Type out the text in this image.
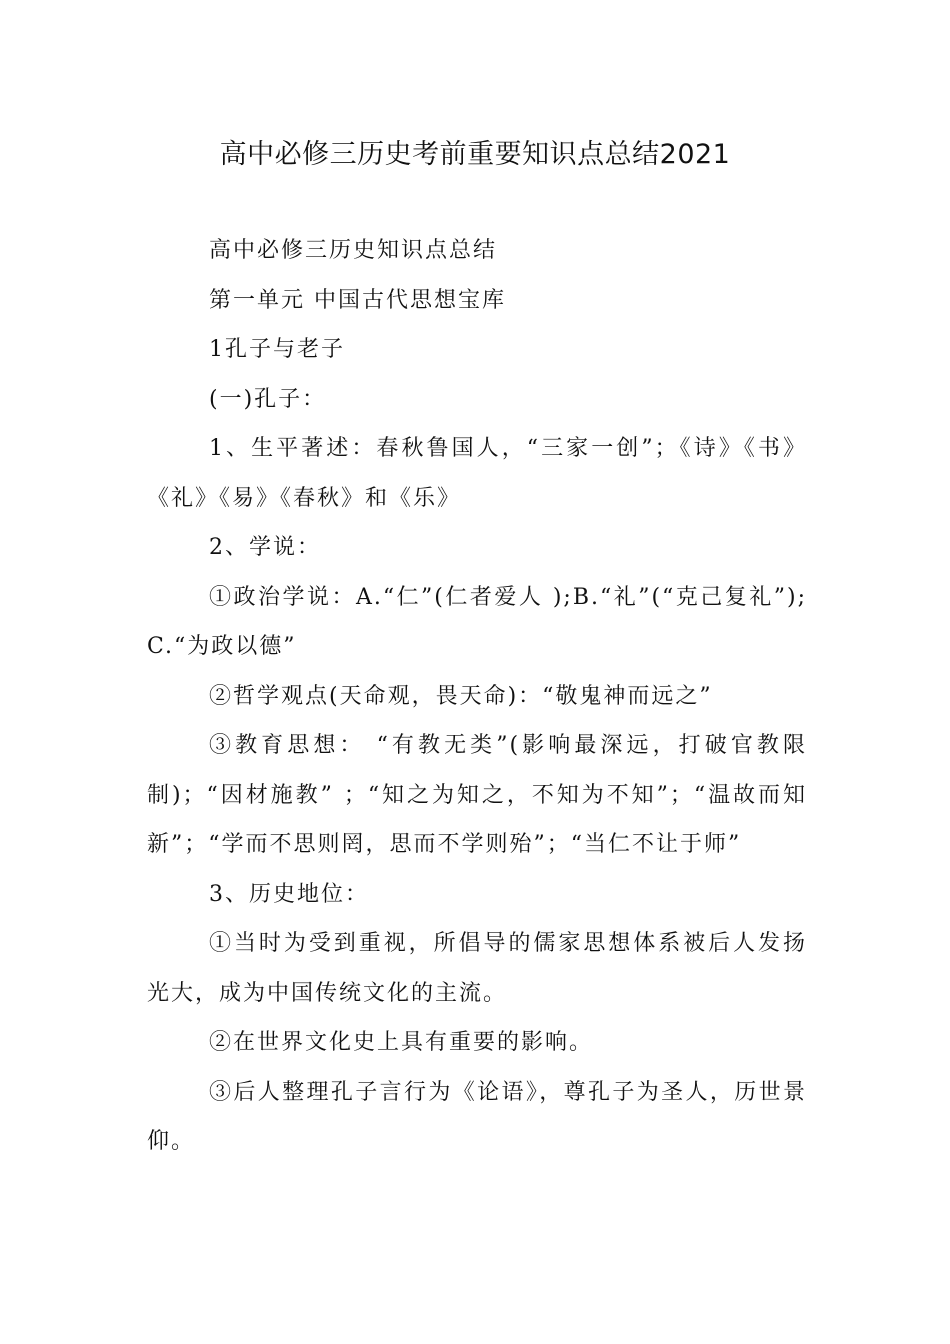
高中必修三历史考前重要知识点总结2021

高中必修三历史知识点总结

第一单元 中国古代思想宝库

1孔子与老子

(一)孔子：

1、生平著述：春秋鲁国人，“三家一创”；《诗》《书》《礼》《易》《春秋》和《乐》

2、学说：

①政治学说：A.“仁”(仁者爱人 );B.“礼”(“克己复礼”);C.“为政以德”

②哲学观点(天命观，畏天命)：“敬鬼神而远之”

③教育思想： “有教无类”(影响最深远，打破官教限制)；“因材施教” ；“知之为知之，不知为不知”；“温故而知新”；“学而不思则罔，思而不学则殆”；“当仁不让于师”

3、历史地位：

①当时为受到重视，所倡导的儒家思想体系被后人发扬光大，成为中国传统文化的主流。

②在世界文化史上具有重要的影响。

③后人整理孔子言行为《论语》，尊孔子为圣人，历世景仰。
